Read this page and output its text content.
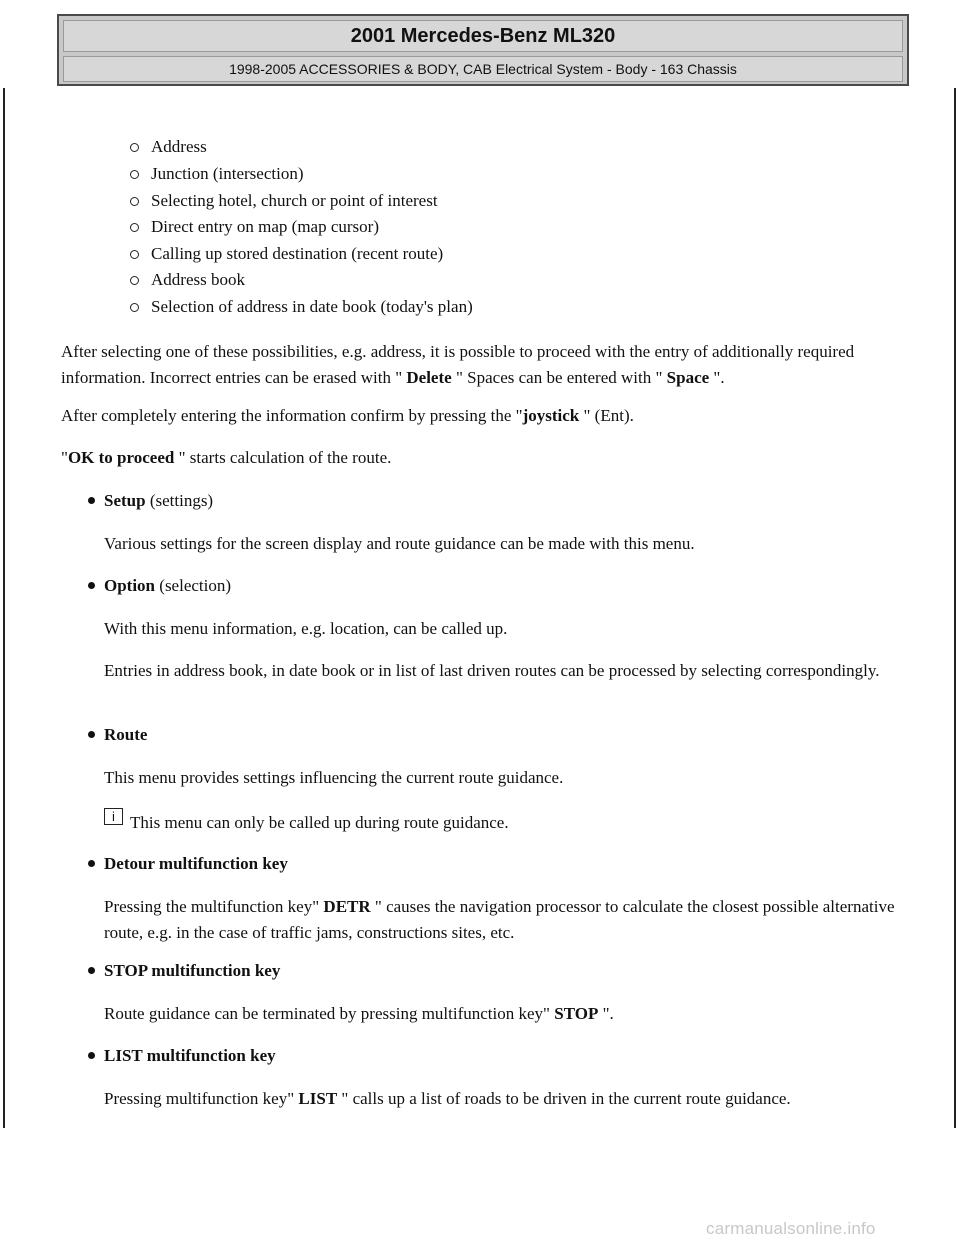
2001 Mercedes-Benz ML320
1998-2005 ACCESSORIES & BODY, CAB Electrical System - Body - 163 Chassis
Address
Junction (intersection)
Selecting hotel, church or point of interest
Direct entry on map (map cursor)
Calling up stored destination (recent route)
Address book
Selection of address in date book (today's plan)
After selecting one of these possibilities, e.g. address, it is possible to proceed with the entry of additionally required information. Incorrect entries can be erased with " Delete " Spaces can be entered with " Space ".
After completely entering the information confirm by pressing the "joystick " (Ent).
"OK to proceed " starts calculation of the route.
Setup (settings)
Various settings for the screen display and route guidance can be made with this menu.
Option (selection)
With this menu information, e.g. location, can be called up.
Entries in address book, in date book or in list of last driven routes can be processed by selecting correspondingly.
Route
This menu provides settings influencing the current route guidance.
i This menu can only be called up during route guidance.
Detour multifunction key
Pressing the multifunction key" DETR " causes the navigation processor to calculate the closest possible alternative route, e.g. in the case of traffic jams, constructions sites, etc.
STOP multifunction key
Route guidance can be terminated by pressing multifunction key" STOP ".
LIST multifunction key
Pressing multifunction key" LIST " calls up a list of roads to be driven in the current route guidance.
carmanualsonline.info
